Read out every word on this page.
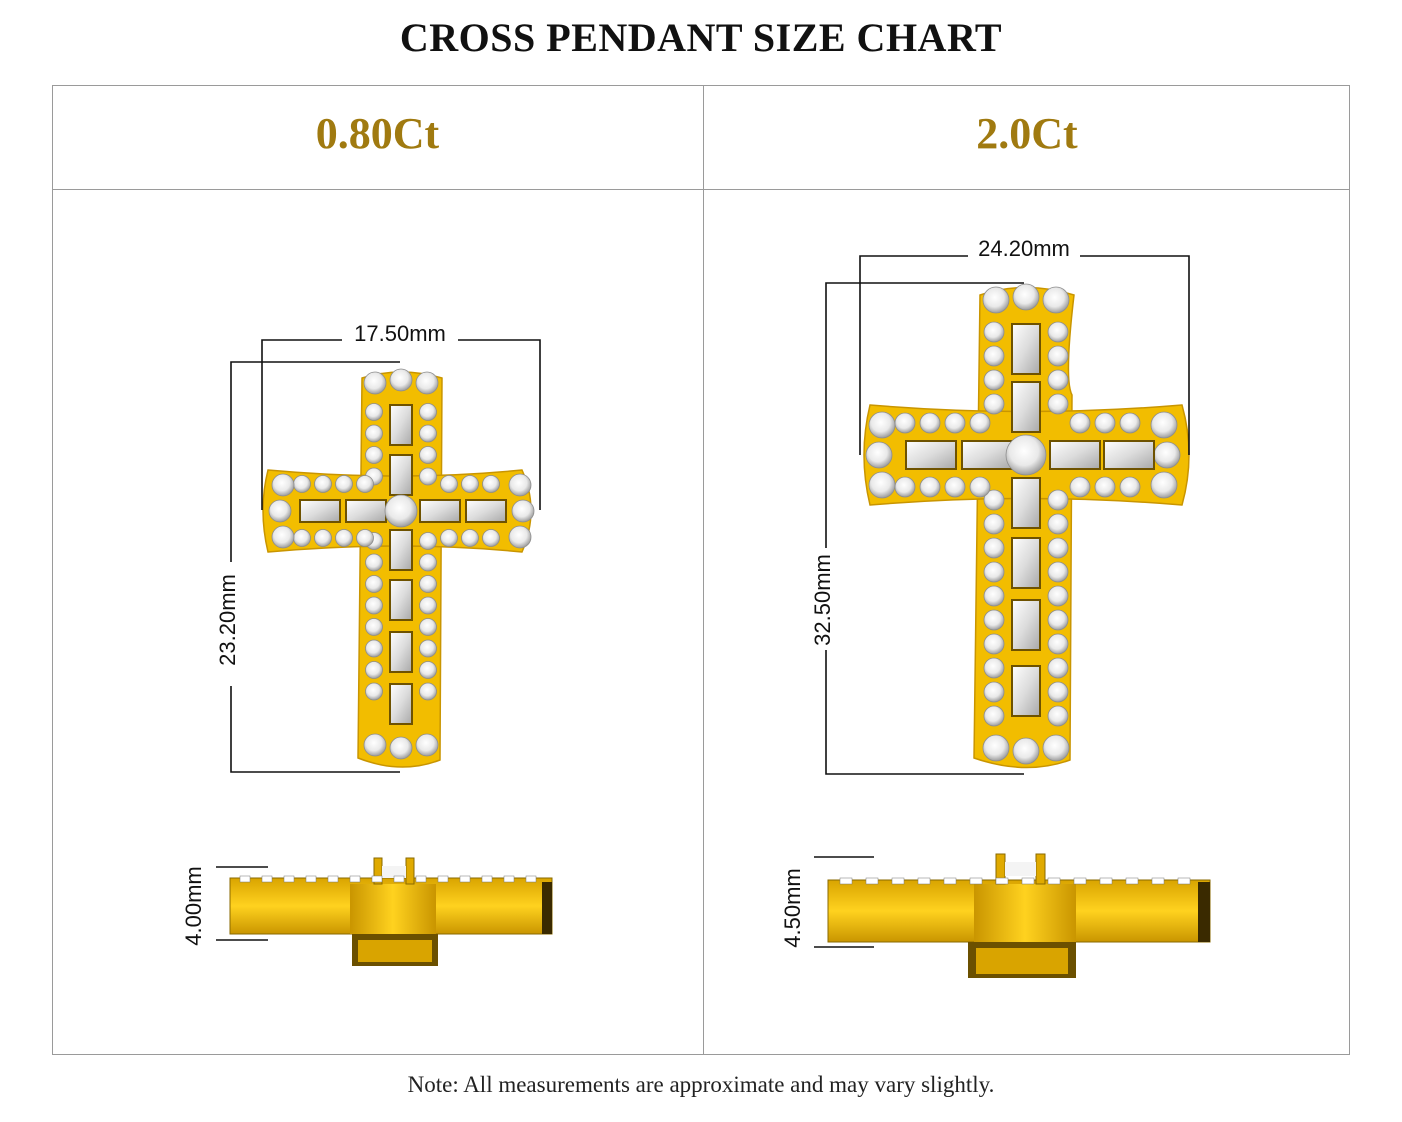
CROSS PENDANT SIZE CHART
0.80Ct	2.0Ct
17.50mm
23.20mm
4.00mm
24.20mm
32.50mm
4.50mm
Note: All measurements are approximate and may vary slightly.
